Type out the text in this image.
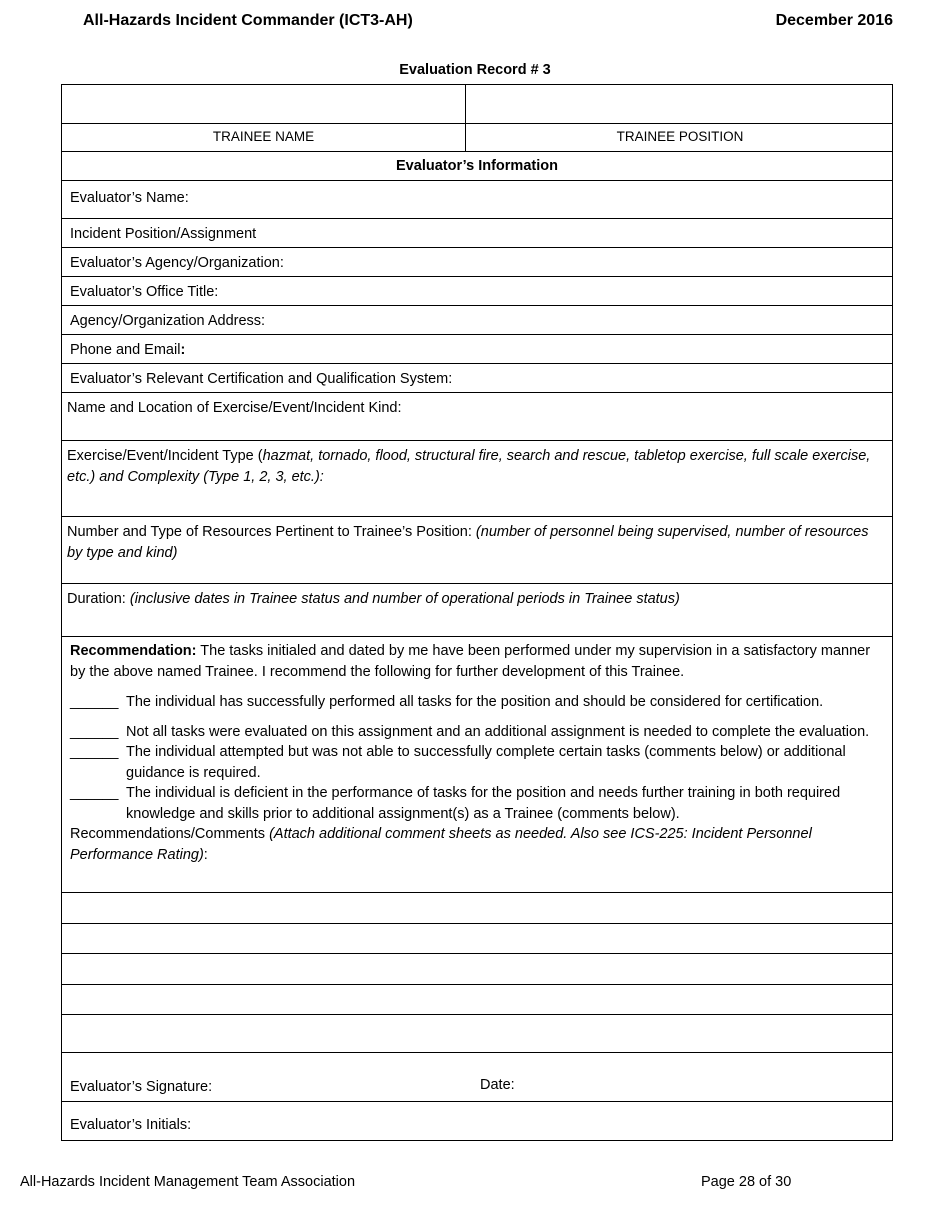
All-Hazards Incident Commander (ICT3-AH)	December 2016
Evaluation Record # 3
TRAINEE NAME	TRAINEE POSITION
Evaluator’s Information
Evaluator’s Name:
Incident Position/Assignment
Evaluator’s Agency/Organization:
Evaluator’s Office Title:
Agency/Organization Address:
Phone and Email:
Evaluator’s Relevant Certification and Qualification System:
Name and Location of Exercise/Event/Incident Kind:
Exercise/Event/Incident Type (hazmat, tornado, flood, structural fire, search and rescue, tabletop exercise, full scale exercise, etc.) and Complexity (Type 1, 2, 3, etc.):
Number and Type of Resources Pertinent to Trainee’s Position: (number of personnel being supervised, number of resources by type and kind)
Duration: (inclusive dates in Trainee status and number of operational periods in Trainee status)
Recommendation: The tasks initialed and dated by me have been performed under my supervision in a satisfactory manner by the above named Trainee. I recommend the following for further development of this Trainee.
______ The individual has successfully performed all tasks for the position and should be considered for certification.
______ Not all tasks were evaluated on this assignment and an additional assignment is needed to complete the evaluation.
______ The individual attempted but was not able to successfully complete certain tasks (comments below) or additional guidance is required.
______ The individual is deficient in the performance of tasks for the position and needs further training in both required knowledge and skills prior to additional assignment(s) as a Trainee (comments below).
Recommendations/Comments (Attach additional comment sheets as needed. Also see ICS-225: Incident Personnel Performance Rating):
Evaluator’s Signature:	Date:
Evaluator’s Initials:
All-Hazards Incident Management Team Association	Page 28 of 30
